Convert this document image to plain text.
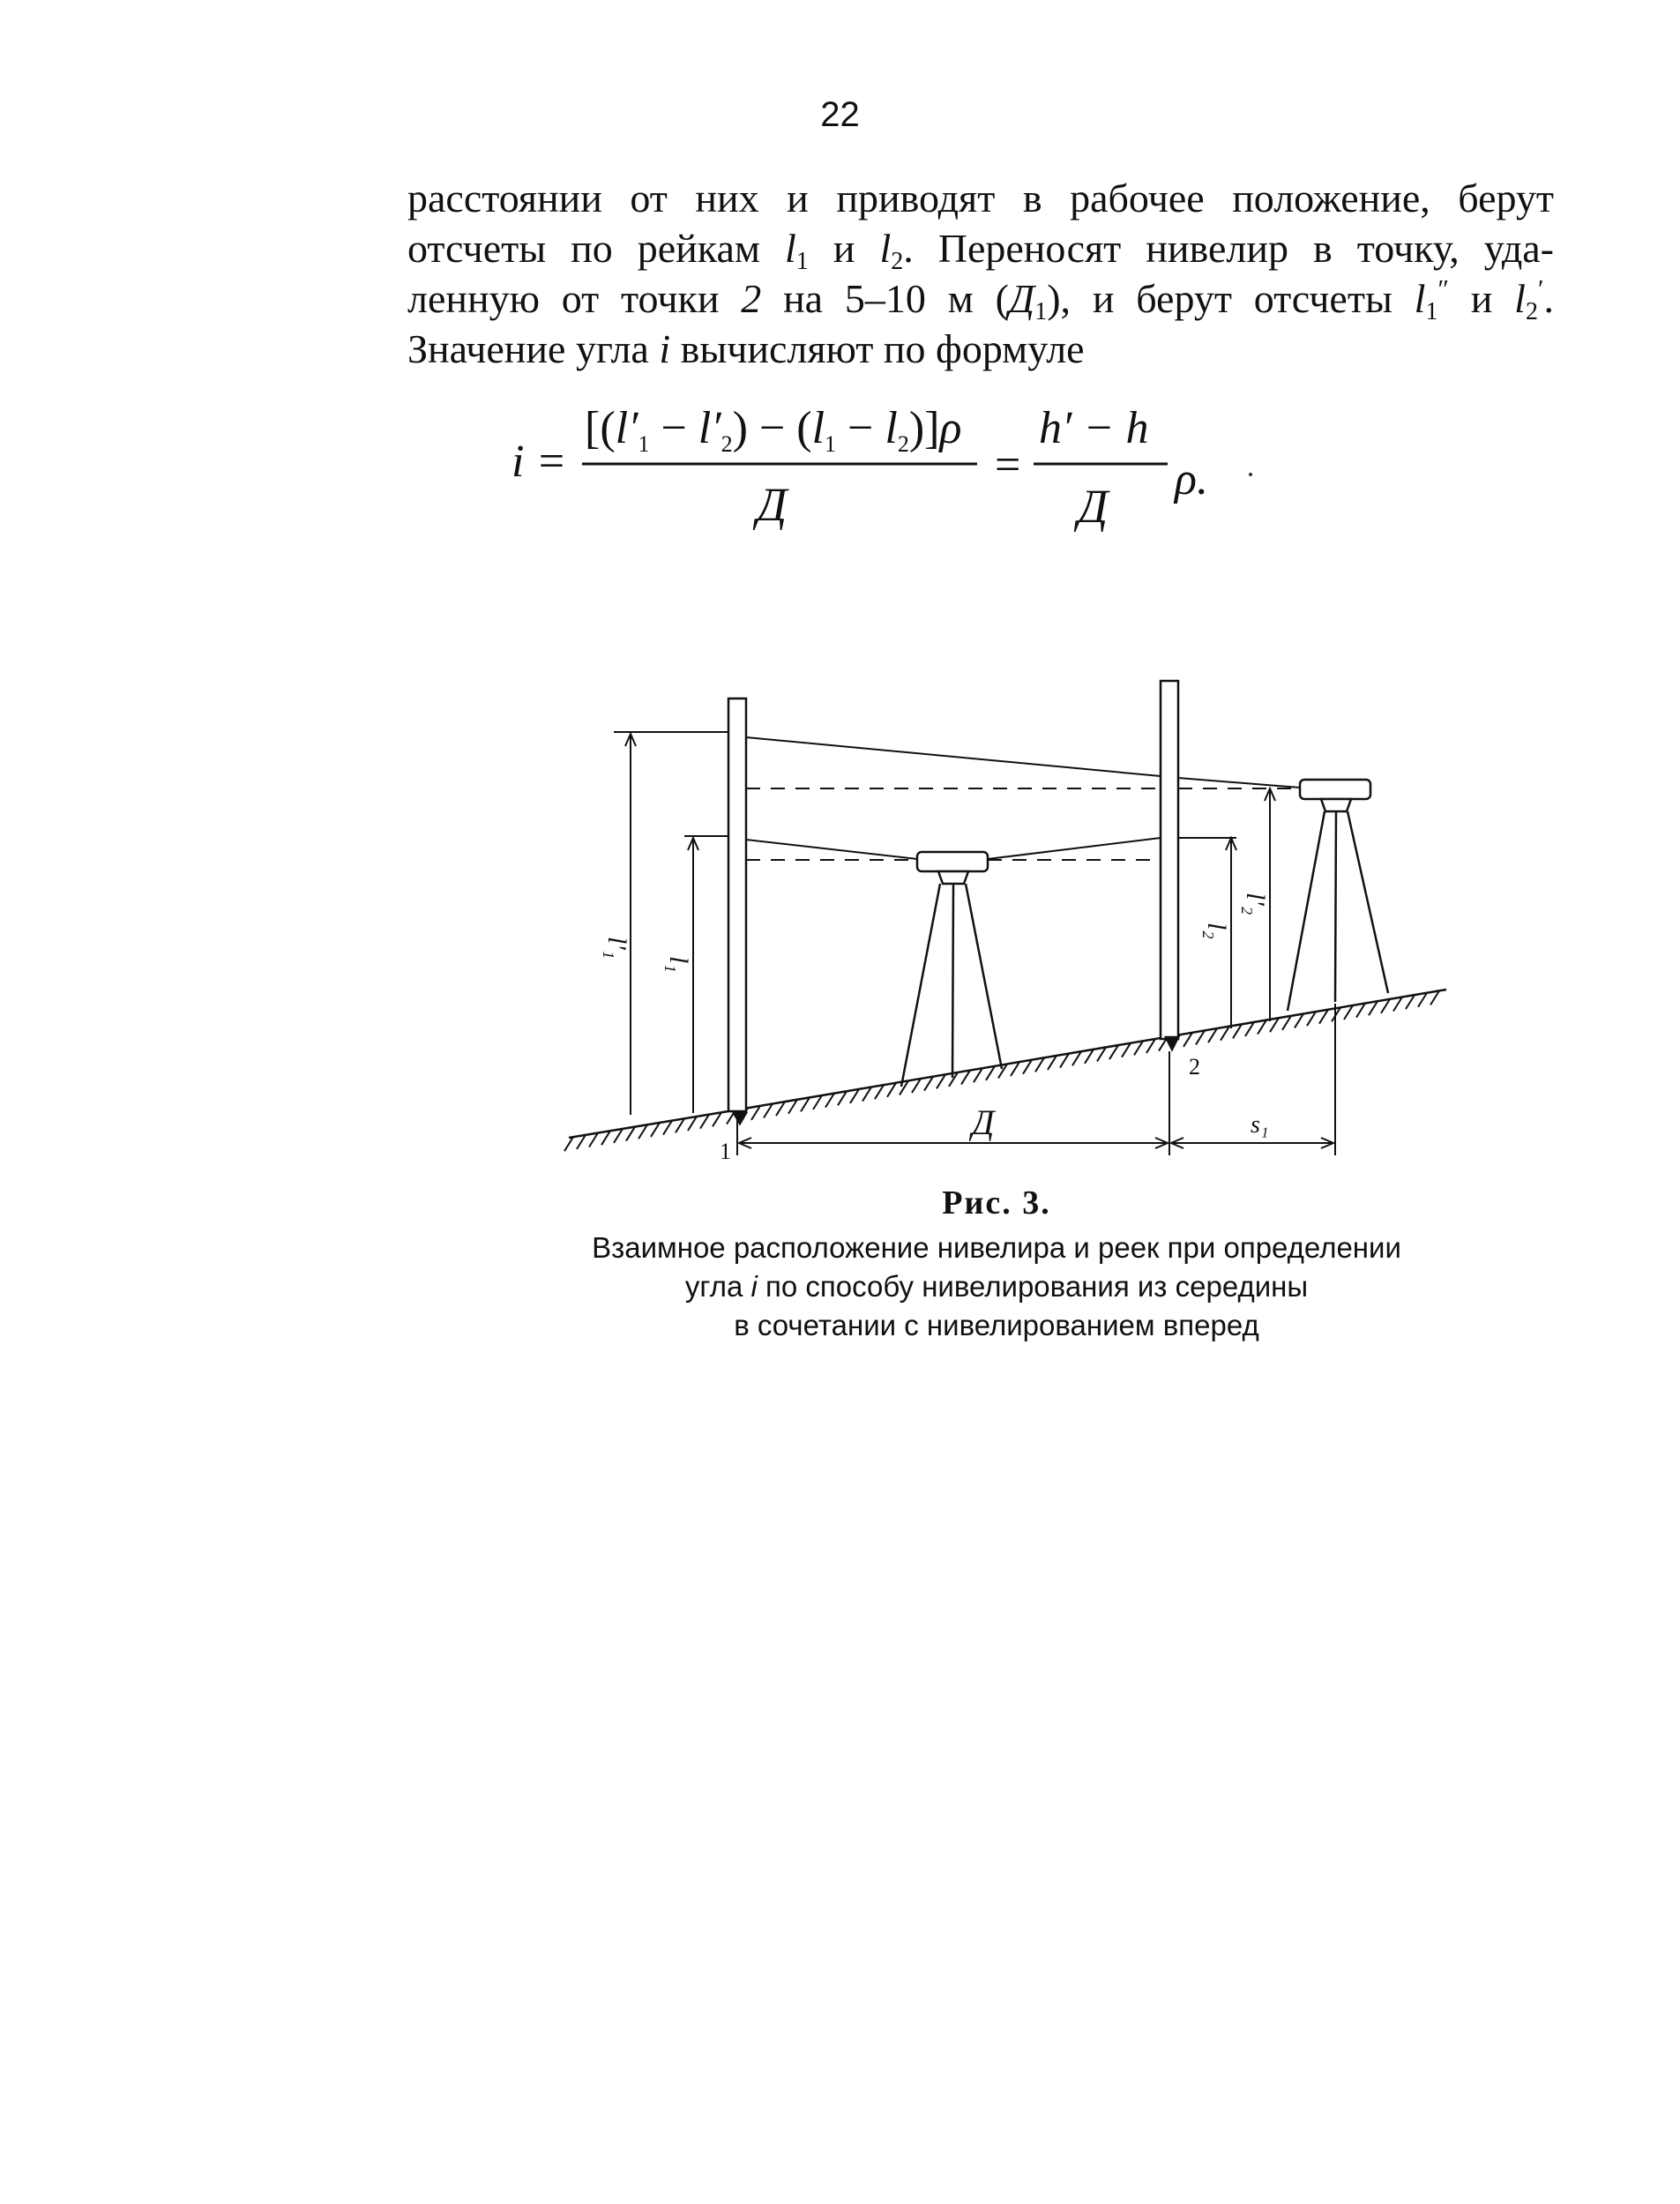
22
расстоянии от них и приводят в рабочее положение, берут
отсчеты по рейкам $l_1$ и $l_2$. Переносят нивелир в точку, уда-
ленную от точки 2 на 5–10 м $(Д_1)$, и берут отсчеты $l_1''$ и $l_2'$.
Значение угла i вычисляют по формуле
i =
[(l′1 − l′2) − (l1 − l2)]ρ
Д
=
h′ − h
Д
ρ.
l′₁
l₁
l₂
l′₂
1
2
Д	s₁
Рис. 3.
Взаимное расположение нивелира и реек при определении
угла i по способу нивелирования из середины
в сочетании с нивелированием вперед
